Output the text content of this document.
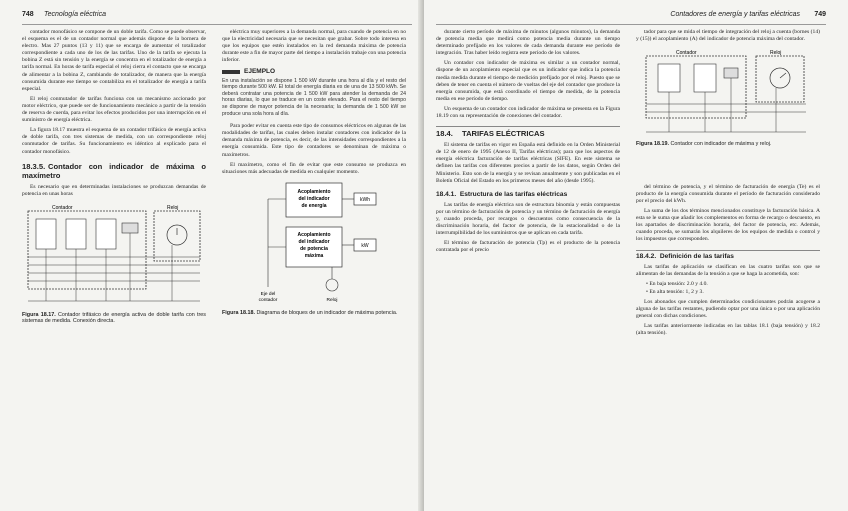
748 Tecnología eléctrica

contador monofásico se compone de un doble tarifa. Como se puede observar, el esquema es el de un contador normal que además dispone de la bornera de electro. Mas 27 puntos (13 y 11) que se encarga de aumentar el totalizador correspondiente a cada uno de los de las tarifas. Uno de la tarifa se ejecuta la bobina Z está sin tensión y la energía se concentra en el totalizador de energía a tarifa normal. En horas de tarifa especial el reloj cierra el contacto que se encarga de alimentar a la bobina Z, cambiando de totalizador, de manera que la energía consumida durante ese tiempo se contabiliza en el totalizador de energía a tarifa especial.

El reloj conmutador de tarifas funciona con un mecanismo accionado por motor eléctrico, que puede ser de funcionamiento mecánico a partir de la tensión de reserva de cuerda, para evitar los efectos producidos por una interrupción en el suministro de energía eléctrica.

La figura 18.17 muestra el esquema de un contador trifásico de energía activa de doble tarifa, con tres sistemas de medida, con un correspondiente reloj conmutador de tarifas. Su funcionamiento es idéntico al explicado para el contador monofásico.

18.3.5. Contador con indicador de máxima o maxímetro

Es necesario que en determinadas instalaciones se produzcan demandas de potencia en unas horas

Contador	Reloj
Figura 18.17. Contador trifásico de energía activa de doble tarifa con tres sistemas de medida. Conexión directa.

eléctrica muy superiores a la demanda normal, para cuando de potencia en no que la electricidad necesaria que se necesitan que grabar. Sobre todo interesa en que los equipos que estén instalados en la red demanda máxima de potencia durante este a fin de mayor parte del tiempo a instalación trabaje con una potencia inferior.

EJEMPLO
En una instalación se dispone 1 500 kW durante una hora al día y el resto del tiempo durante 500 kW. El total de energía diaria es de una de 13 500 kWh. Se deberá contratar una potencia de 1 500 kW para atender la demanda de 24 horas diarias, lo que se traduce en un coste elevado. Para el resto del tiempo se dispone de mayor potencia de la necesaria; la demanda de 1 500 kW se produce una sola hora al día.

Para poder evitar en cuenta este tipo de consumos eléctricos en algunas de las modalidades de tarifas, las cuales deben instalar contadores con indicador de la demanda máxima de potencia, es decir, de las intensidades correspondientes a la energía consumida. Este tipo de contadores se denominan de máxima o maxímetros.

El maxímetro, como el fin de evitar que este consumo se produzca en situaciones más adecuadas de medida en cualquier momento.

Acoplamiento
del indicador
de energía
kWh
Acoplamiento
del indicador
de potencia
máxima
kW
Eje del
contador	Reloj
Figura 18.18. Diagrama de bloques de un indicador de máxima potencia.
Contadores de energía y tarifas eléctricas 749

durante cierto período de máxima de minutos (algunos minutos), la demanda de potencia media que medirá como potencia media durante un tiempo determinado prefijado en los valores de cada demanda durante ese período de integración. Tras haber leído registra este período de los valores.

Un contador con indicador de máxima es similar a un contador normal, dispone de un acoplamiento especial que es un indicador que indica la potencia media medida durante el tiempo de medición prefijado por el reloj. Puesto que se deben de tener en cuenta el número de vueltas del eje del contador que produce la energía consumida, que está coordinado el tiempo de medida, de la potencia media en ese período de tiempo.

Un esquema de un contador con indicador de máxima se presenta en la Figura 18.19 con su representación de conexiones del contador.

18.4. TARIFAS ELÉCTRICAS

El sistema de tarifas en vigor en España está definido en la Orden Ministerial de 12 de enero de 1995 (Anexo II, Tarifas eléctricas); para que los aspectos de energía eléctrica facturación de tarifas eléctricas (SIFE). En este sistema se definen las tarifas con diferentes precios a partir de los datos, según Orden del Ministerio. Esto son de la energía y se revisan anualmente y son publicadas en el Boletín Oficial del Estado en los primeros meses del año (desde 1995).

18.4.1. Estructura de las tarifas eléctricas

Las tarifas de energía eléctrica son de estructura binomia y están compuestas por un término de facturación de potencia y un término de facturación de energía y, cuando proceda, por recargos o descuentos como consecuencia de la discriminación horaria, del factor de potencia, de la estacionalidad o de la interrumpibilidad de los suministros que se aplican en cada tarifa.

El término de facturación de potencia (Tp) es el producto de la potencia contratada por el precio

tador para que se mida el tiempo de integración del reloj a cuenta (bornes (14) y (15)) el acoplamiento (A) del indicador de potencia máxima del contador.

Contador	Reloj
Figura 18.19. Contador con indicador de máxima y reloj.

del término de potencia, y el término de facturación de energía (Te) es el producto de la energía consumida durante el período de facturación considerado por el precio del kWh.

La suma de los dos términos mencionados constituye la facturación básica. A esta se le suma que añadir los complementos en forma de recargo o descuento, en los apartados de discriminación horaria, del factor de potencia, etc. Además, cuando proceda, se sumarán los alquileres de los equipos de medida o control y los impuestos que corresponden.

18.4.2. Definición de las tarifas

Las tarifas de aplicación se clasifican en las cuatro tarifas son que se alimentan de las demandas de la tensión a que se haga la acometida, son:

• En baja tensión: 2.0 y 4.0.
• En alta tensión: 1, 2 y 3.

Los abonados que cumplen determinados condicionantes podrán acogerse a alguna de las tarifas restantes, pudiendo optar por una única o por una aplicación general con dichas condiciones.

Las tarifas anteriormente indicadas en las tablas 18.1 (baja tensión) y 18.2 (alta tensión).
